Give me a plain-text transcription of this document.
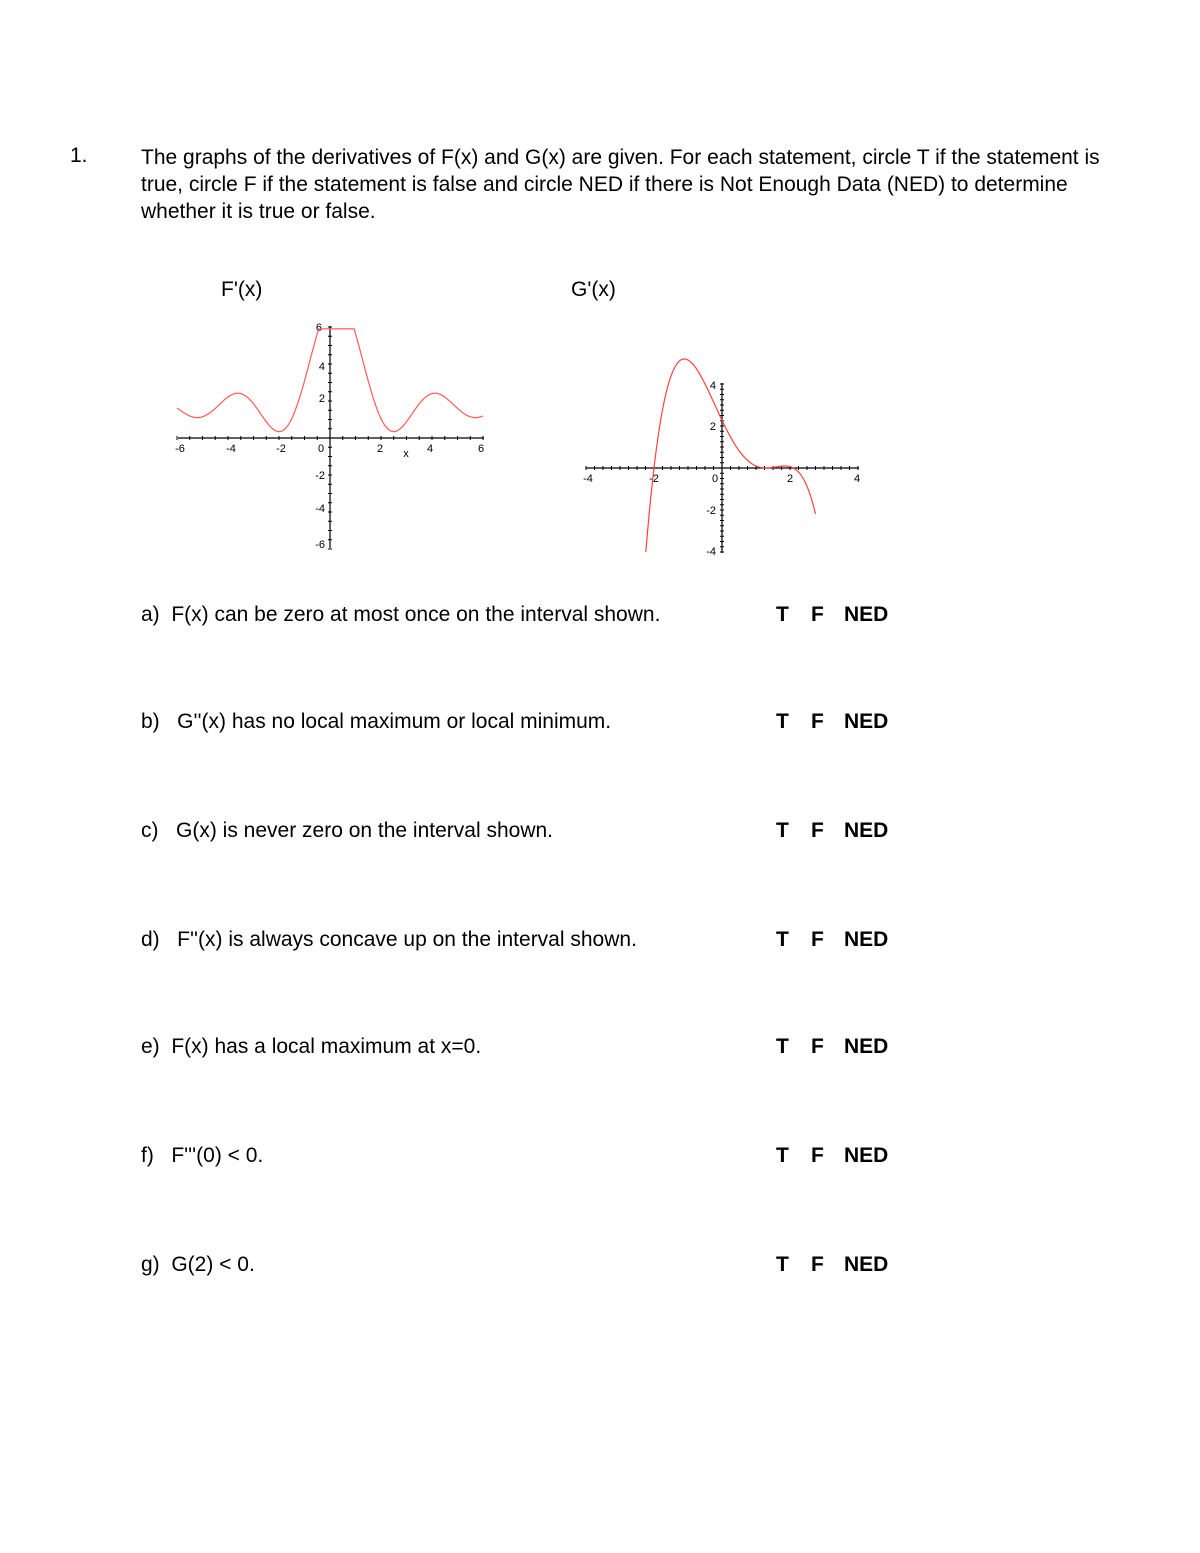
1.	The graphs of the derivatives of F(x) and G(x) are given. For each statement, circle T if the statement is true, circle F if the statement is false and circle NED if there is Not Enough Data (NED) to determine whether it is true or false.
F'(x)	G'(x)
-6	-4	-2	0	2	4	6
x
6
4
2
-2
-4
-6
-4	-2	0	2	4
4
2
-2
-4
a)  F(x) can be zero at most once on the interval shown.	T F NED
b)   G''(x) has no local maximum or local minimum.	T F NED
c)   G(x) is never zero on the interval shown.	T F NED
d)   F''(x) is always concave up on the interval shown.	T F NED
e)  F(x) has a local maximum at x=0.	T F NED
f)   F'''(0) < 0.	T F NED
g)  G(2) < 0.	T F NED
